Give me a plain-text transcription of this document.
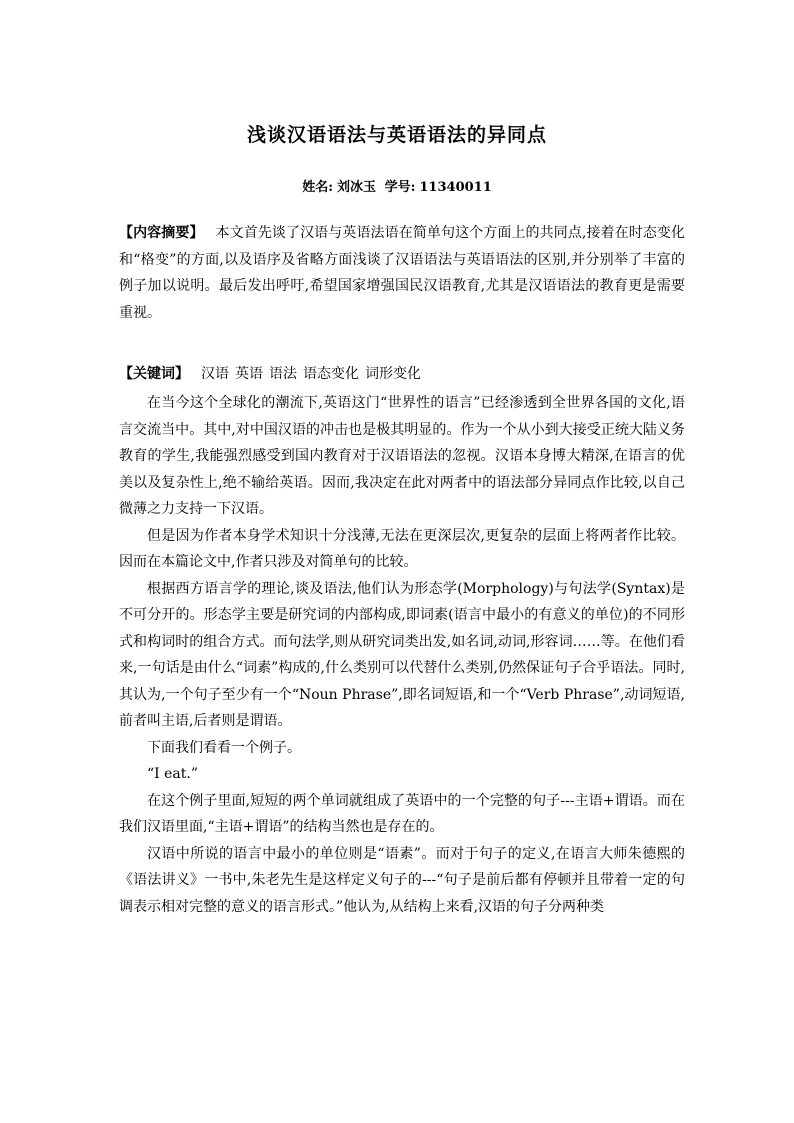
浅谈汉语语法与英语语法的异同点
姓名: 刘冰玉 学号: 11340011
【内容摘要】 本文首先谈了汉语与英语法语在简单句这个方面上的共同点,接着在时态变化和“格变”的方面,以及语序及省略方面浅谈了汉语语法与英语语法的区别,并分别举了丰富的例子加以说明。最后发出呼吁,希望国家增强国民汉语教育,尤其是汉语语法的教育更是需要重视。
【关键词】 汉语 英语 语法 语态变化 词形变化

在当今这个全球化的潮流下,英语这门“世界性的语言”已经渗透到全世界各国的文化,语言交流当中。其中,对中国汉语的冲击也是极其明显的。作为一个从小到大接受正统大陆义务教育的学生,我能强烈感受到国内教育对于汉语语法的忽视。汉语本身博大精深,在语言的优美以及复杂性上,绝不输给英语。因而,我决定在此对两者中的语法部分异同点作比较,以自己微薄之力支持一下汉语。

但是因为作者本身学术知识十分浅薄,无法在更深层次,更复杂的层面上将两者作比较。因而在本篇论文中,作者只涉及对简单句的比较。

根据西方语言学的理论,谈及语法,他们认为形态学(Morphology)与句法学(Syntax)是不可分开的。形态学主要是研究词的内部构成,即词素(语言中最小的有意义的单位)的不同形式和构词时的组合方式。而句法学,则从研究词类出发,如名词,动词,形容词……等。在他们看来,一句话是由什么“词素”构成的,什么类别可以代替什么类别,仍然保证句子合乎语法。同时,其认为,一个句子至少有一个“Noun Phrase”,即名词短语,和一个“Verb Phrase”,动词短语,前者叫主语,后者则是谓语。

下面我们看看一个例子。

“I eat.”

在这个例子里面,短短的两个单词就组成了英语中的一个完整的句子---主语+谓语。而在我们汉语里面,“主语+谓语”的结构当然也是存在的。

汉语中所说的语言中最小的单位则是“语素”。而对于句子的定义,在语言大师朱德熙的《语法讲义》一书中,朱老先生是这样定义句子的---“句子是前后都有停顿并且带着一定的句调表示相对完整的意义的语言形式。”他认为,从结构上来看,汉语的句子分两种类
